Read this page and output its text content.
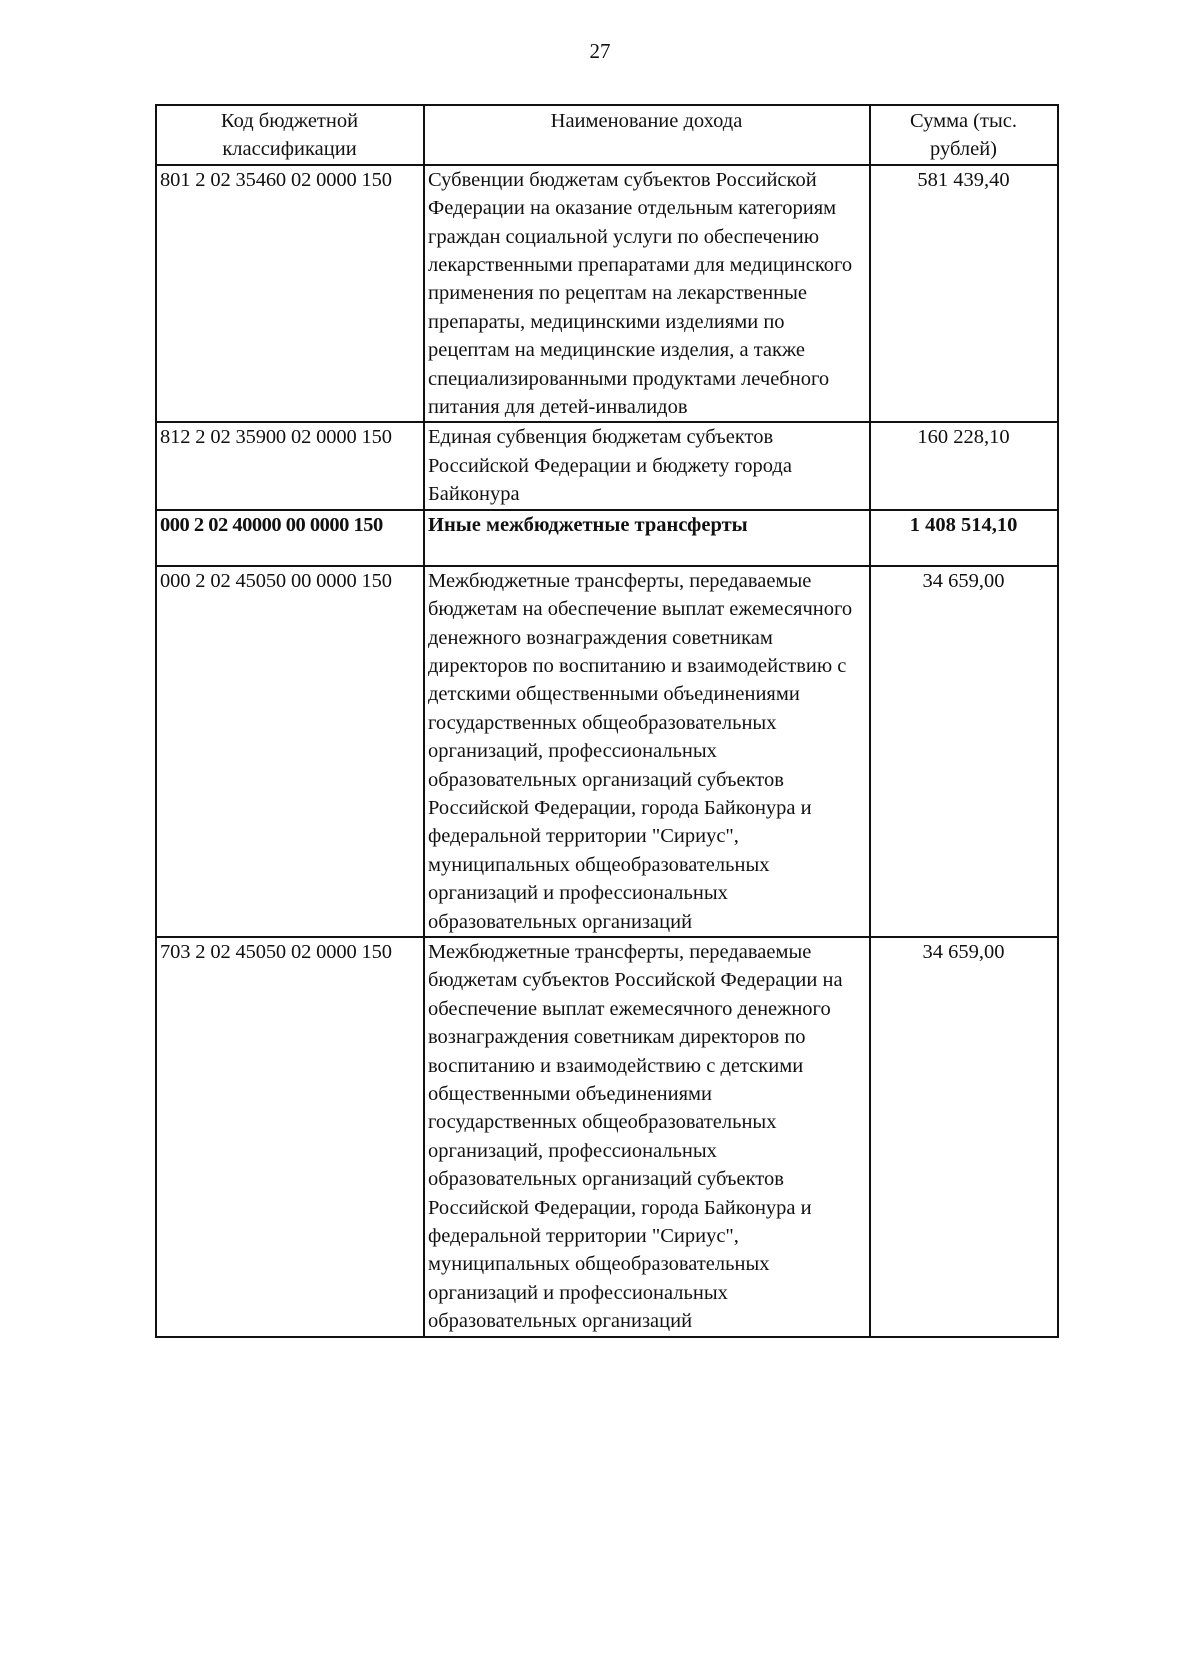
27
Код бюджетной классификации	Наименование дохода	Сумма (тыс. рублей)
801 2 02 35460 02 0000 150	Субвенции бюджетам субъектов Российской Федерации на оказание отдельным категориям граждан социальной услуги по обеспечению лекарственными препаратами для медицинского применения по рецептам на лекарственные препараты, медицинскими изделиями по рецептам на медицинские изделия, а также специализированными продуктами лечебного питания для детей-инвалидов	581 439,40
812 2 02 35900 02 0000 150	Единая субвенция бюджетам субъектов Российской Федерации и бюджету города Байконура	160 228,10
000 2 02 40000 00 0000 150	Иные межбюджетные трансферты	1 408 514,10
000 2 02 45050 00 0000 150	Межбюджетные трансферты, передаваемые бюджетам на обеспечение выплат ежемесячного денежного вознаграждения советникам директоров по воспитанию и взаимодействию с детскими общественными объединениями государственных общеобразовательных организаций, профессиональных образовательных организаций субъектов Российской Федерации, города Байконура и федеральной территории "Сириус", муниципальных общеобразовательных организаций и профессиональных образовательных организаций	34 659,00
703 2 02 45050 02 0000 150	Межбюджетные трансферты, передаваемые бюджетам субъектов Российской Федерации на обеспечение выплат ежемесячного денежного вознаграждения советникам директоров по воспитанию и взаимодействию с детскими общественными объединениями государственных общеобразовательных организаций, профессиональных образовательных организаций субъектов Российской Федерации, города Байконура и федеральной территории "Сириус", муниципальных общеобразовательных организаций и профессиональных образовательных организаций	34 659,00
